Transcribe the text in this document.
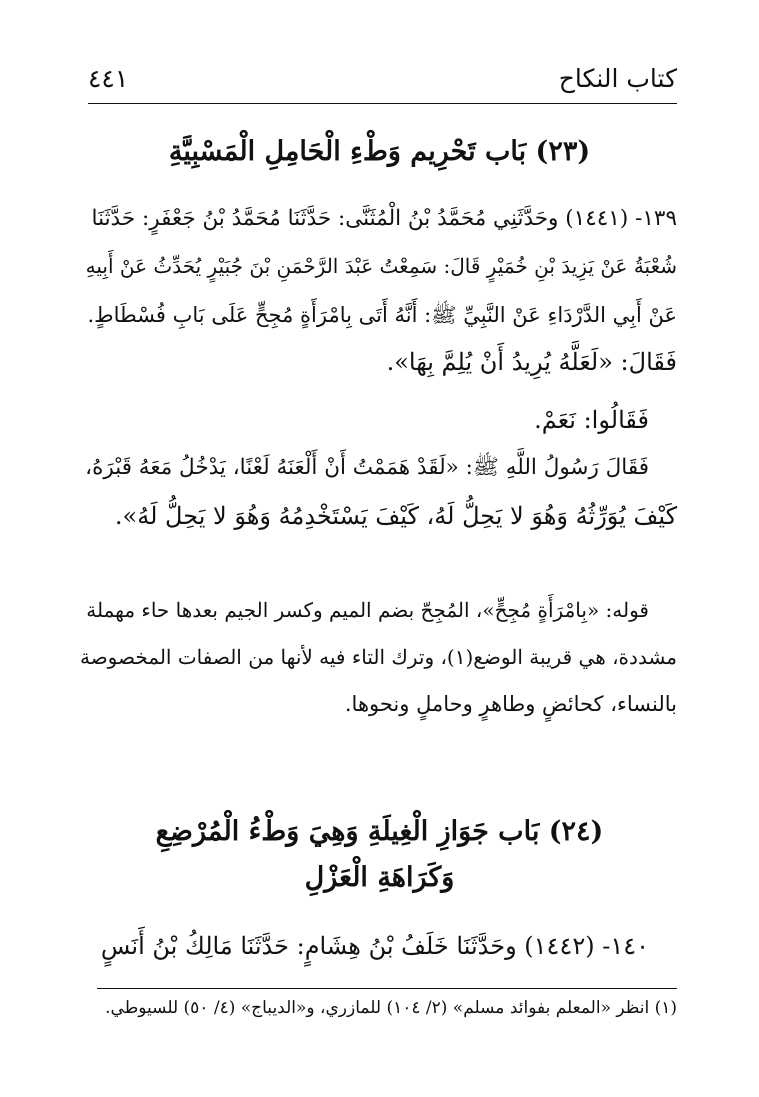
كتاب النكاح
٤٤١
(٢٣) بَاب تَحْرِيم وَطْءِ الْحَامِلِ الْمَسْبِيَّةِ
١٣٩- (١٤٤١) وحَدَّثَنِي مُحَمَّدُ بْنُ الْمُثَنَّى: حَدَّثَنَا مُحَمَّدُ بْنُ جَعْفَرٍ: حَدَّثَنَا
شُعْبَةُ عَنْ يَزِيدَ بْنِ خُمَيْرٍ قَالَ: سَمِعْتُ عَبْدَ الرَّحْمَنِ بْنَ جُبَيْرٍ يُحَدِّثُ عَنْ أَبِيهِ
عَنْ أَبِي الدَّرْدَاءِ عَنْ النَّبِيِّ ﷺ: أَنَّهُ أَتَى بِامْرَأَةٍ مُجِحٍّ عَلَى بَابِ فُسْطَاطٍ.
فَقَالَ: «لَعَلَّهُ يُرِيدُ أَنْ يُلِمَّ بِهَا».
فَقَالُوا: نَعَمْ.
فَقَالَ رَسُولُ اللَّهِ ﷺ: «لَقَدْ هَمَمْتُ أَنْ أَلْعَنَهُ لَعْنًا، يَدْخُلُ مَعَهُ قَبْرَهُ،
كَيْفَ يُوَرِّثُهُ وَهُوَ لا يَحِلُّ لَهُ، كَيْفَ يَسْتَخْدِمُهُ وَهُوَ لا يَحِلُّ لَهُ».
قوله: «بِامْرَأَةٍ مُجِحٍّ»، المُجِحّ بضم الميم وكسر الجيم بعدها حاء مهملة
مشددة، هي قريبة الوضع(١)، وترك التاء فيه لأنها من الصفات المخصوصة
بالنساء، كحائضٍ وطاهرٍ وحاملٍ ونحوها.
(٢٤) بَاب جَوَازِ الْغِيلَةِ وَهِيَ وَطْءُ الْمُرْضِعِ
وَكَرَاهَةِ الْعَزْلِ
١٤٠- (١٤٤٢) وحَدَّثَنَا خَلَفُ بْنُ هِشَامٍ: حَدَّثَنَا مَالِكُ بْنُ أَنَسٍ
(١) انظر «المعلم بفوائد مسلم» (٢/ ١٠٤) للمازري، و«الديباج» (٤/ ٥٠) للسيوطي.
